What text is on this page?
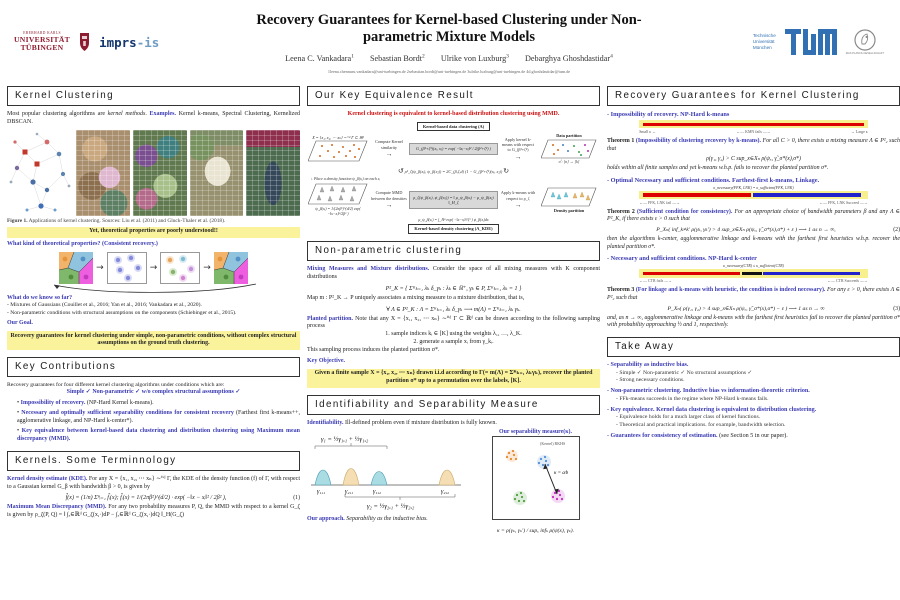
EBERHARD KARLS
UNIVERSITÄT
TÜBINGEN	imprs-is
Recovery Guarantees for Kernel-based Clustering under Non-parametric Mixture Models
Leena C. Vankadara$^1$ Sebastian Bordt$^2$ Ulrike von Luxburg$^3$ Debarghya Ghoshdastidar$^4$
1leena.chennuru.vankadara@uni-tuebingen.de 2sebastian.bordt@uni-tuebingen.de 3ulrike.luxburg@uni-tuebingen.de 4d.ghoshdastidar@tum.de
Technische
Universität
München
MAX-PLANCK-GESELLSCHAFT
Kernel Clustering
Most popular clustering algorithms are kernel methods. Examples. Kernel k-means, Spectral Clustering, Kernelized DBSCAN.
Figure 1. Applications of kernel clustering. Sources: Liu et al. (2011) and Gluck-Thaler et al. (2018).
Yet, theoretical properties are poorly understood!!
What kind of theoretical properties? (Consistent recovery.)
→	→	→
What do we know so far?
- Mixtures of Gaussians (Couillet et al., 2016; Yan et al., 2016; Vankadara et al., 2020).
- Non-parametric conditions with structural assumptions on the components (Schiebinger et al., 2015).
Our Goal.
Recovery guarantees for kernel clustering under simple, non-parametric conditions, without complex structural assumptions on the ground truth clustering.
Key Contributions
Recovery guarantees for four different kernel clustering algorithms under conditions which are:
Simple ✓ Non-parametric ✓ w/o complex structural assumptions ✓
• Impossibility of recovery. (NP-Hard Kernel k-means).
• Necessary and optimally sufficient separability conditions for consistent recovery (Farthest first k-means++, agglomerative linkage, and NP-Hard k-center*).
• Key equivalence between kernel-based data clustering and distribution clustering using Maximum mean discrepancy (MMD).
Kernels. Some Terminnology
Kernel density estimate (KDE). For any X = {x₁, x₂, ⋯ xₙ} ∼ⁱⁱᵈ Γ, the KDE of the density function (f) of Γ, with respect to a Gaussian kernel G_β with bandwidth β > 0, is given by
f̂(x) = (1/n) Σⁿᵢ₌₁ f̃ᵢ(x); f̃ᵢ(x) = 1/(2πβ²)^(d/2) · exp( −‖x − xᵢ‖² / 2β² ),	(1)
Maximum Mean Discrepancy (MMD). For any two probability measures P, Q, the MMD with respect to a kernel G_ζ is given by ρ_ζ(P, Q) = ‖ ∫ₓ∈ℝᵈ G_ζ(x,·)dP − ∫ₓ∈ℝᵈ G_ζ(x,·)dQ ‖_H(G_ζ)
Our Key Equivalence Result
Kernel clustering is equivalent to kernel-based distribution clustering using MMD.
Kernel-based data clustering (A)
X = {x₁, x₂, ⋯ xₙ} ∼ⁱⁱᵈ Γ ⊂ ℝᵈ
Compute Kernel similarity
→
G_(β²+ζ²)(xᵢ, xⱼ) = exp( −‖xᵢ−xⱼ‖² / 2(β²+ζ²) )
Apply kernel k-means with respect to G_(β²+ζ²)
→
Data partition
σ̂ : [n] → [k]
↺ ρ²_ζ(ψ_β(xᵢ), ψ_β(xⱼ)) = 2C_(β,ζ,d) (1 − G_(β²+ζ²)(xᵢ, xⱼ)) ↻
↓ Place a density function ψ_β(xᵢ) on each xᵢ
ψ_β(xᵢ) = 1/(2πβ²)^(d/2) exp( −‖x−xᵢ‖²/2β² )
Compute MMD between the densities
→
ρ_ζ(ψ_β(xᵢ), ψ_β(xⱼ)) = ‖ μ_ψ_β(xᵢ) − μ_ψ_β(xⱼ) ‖_H_ζ
Apply k-means with respect to ρ_ζ
→
Density partition
μ_ψ_β(xᵢ) = ∫_ℝᵈ exp( −‖x−xᵢ‖²/ζ² ) ψ_β(xᵢ)dx
Kernel-based density clustering (A_KDE)
Non-parametric clustering
Mixing Measures and Mixture distributions. Consider the space of all mixing measures with K component distributions
P²_K = { Σᴷₖ₌₁ λₖ δ_γₖ : λₖ ∈ ℝ⁺, γₖ ∈ P, Σᴷₖ₌₁ λₖ = 1 }
Map m : P²_K → P uniquely associates a mixing measure to a mixture distribution, that is,
∀ Λ ∈ P²_K : Λ = Σᴷₖ₌₁ λₖ δ_γₖ ⟶ m(Λ) = Σᴷₖ₌₁ λₖ γₖ.
Planted partition. Note that any X = {x₁, x₂, ⋯ xₙ} ∼ⁱⁱᵈ Γ ⊂ ℝᵈ can be drawn according to the following sampling process
1. sample indices kᵢ ∈ [K] using the weights λ₁, …, λ_K.
2. generate a sample xᵢ from γ_kᵢ.
This sampling process induces the planted partition σ*.
Key Objective.
Given a finite sample X = {x₁, x₂, ⋯ xₙ} drawn i.i.d according to Γ(= m(Λ) = Σᴷₖ₌₁ λₖγₖ), recover the planted partition σ* up to a permutation over the labels, [K].
Identifiability and Separability Measure
Identifiability. Ill-defined problem even if mixture distribution is fully known.
γ₁ = ½γ₁,₁ + ½γ₁,₂
γ₁,₁	γ₂,₁	γ₁,₂	γ₂,₂
γ₂ = ½γ₂,₁ + ½γ₂,₂
Our approach. Separability as the inductive bias.
Our separability measure(κ).
(Kernel) RKHS
κ = a⁄b
κ = ρ(γₖ, γₖ′) / supₓ infₖ ρ(ψ(x), γₖ).
Recovery Guarantees for Kernel Clustering
- Impossibility of recovery. NP-Hard k-means
Small κ ←	←–– KMN fails ––→	→ Large κ
Theorem 1 (Impossibility of clustering recovery by k-means). For all C > 0, there exists a mixing measure Λ ∈ P²₂ such that
ρ(γ₁, γ₂) > C sup_x∈Xₙ ρ(ψₓ, γ̃_σ*(x),σ*)
holds within all finite samples and yet k-means w.h.p. fails to recover the planted partition σ*.
- Optimal Necessary and sufficient conditions. Farthest-first k-means, Linkage.
κ_necessary(FFK, LNK) = κ_sufficient(FFK, LNK)
←–– FFK, LNK fail ––→	←–– FFK, LNK Succeed ––→
Theorem 2 (Sufficient condition for consistency). For an appropriate choice of bandwidth parameters β and any Λ ∈ P²_K, if there exists ε > 0 such that
P_Xₙ( inf_k≠k′ ρ(γₖ, γₖ′) > 4 sup_x∈Xₙ ρ(ψₓ, γ̃_σ*(x),σ*) + ε ) ⟶ 1 as n → ∞,	(2)
then the algorithms k-center, agglommerative linkage and k-means with the farthest first heuristics w.h.p. recover the planted partition σ*.
- Necessary and sufficient conditions. NP-Hard k-center
κ_necessary(CTR) ≤ κ_sufficient(CTR)
←–– CTR fails ––→	←–– CTR Succeeds ––→
Theorem 3 (For linkage and k-means with heuristic, the condition is indeed necessary). For any ε > 0, there exists Λ ∈ P²₂ such that
P_Xₙ( ρ(γ₁, γ₂) > 4 sup_x∈Xₙ ρ(ψₓ, γ̃_σ*(x),σ*) − ε ) ⟶ 1 as n → ∞	(3)
and, as n → ∞, agglommerative linkage and k-means with the farthest first heuristics fail to recover the planted partition σ* with probability approaching ½ and 1, respectively.
Take Away
- Separability as inductive bias.
- Simple ✓ Non-parametric ✓ No structural assumptions ✓
- Strong necessary conditions.
- Non-parametric clustering. Inductive bias vs information-theoretic criterion.
- FFk-means succeeds in the regime where NP-Hard k-means fails.
- Key equivalence. Kernel data clustering is equivalent to distribution clustering.
- Equivalence holds for a much larger class of kernel functions.
- Theoretical and practical implications. for example, bandwidth selection.
- Guarantees for consistency of estimation. (see Section 5 in our paper).
